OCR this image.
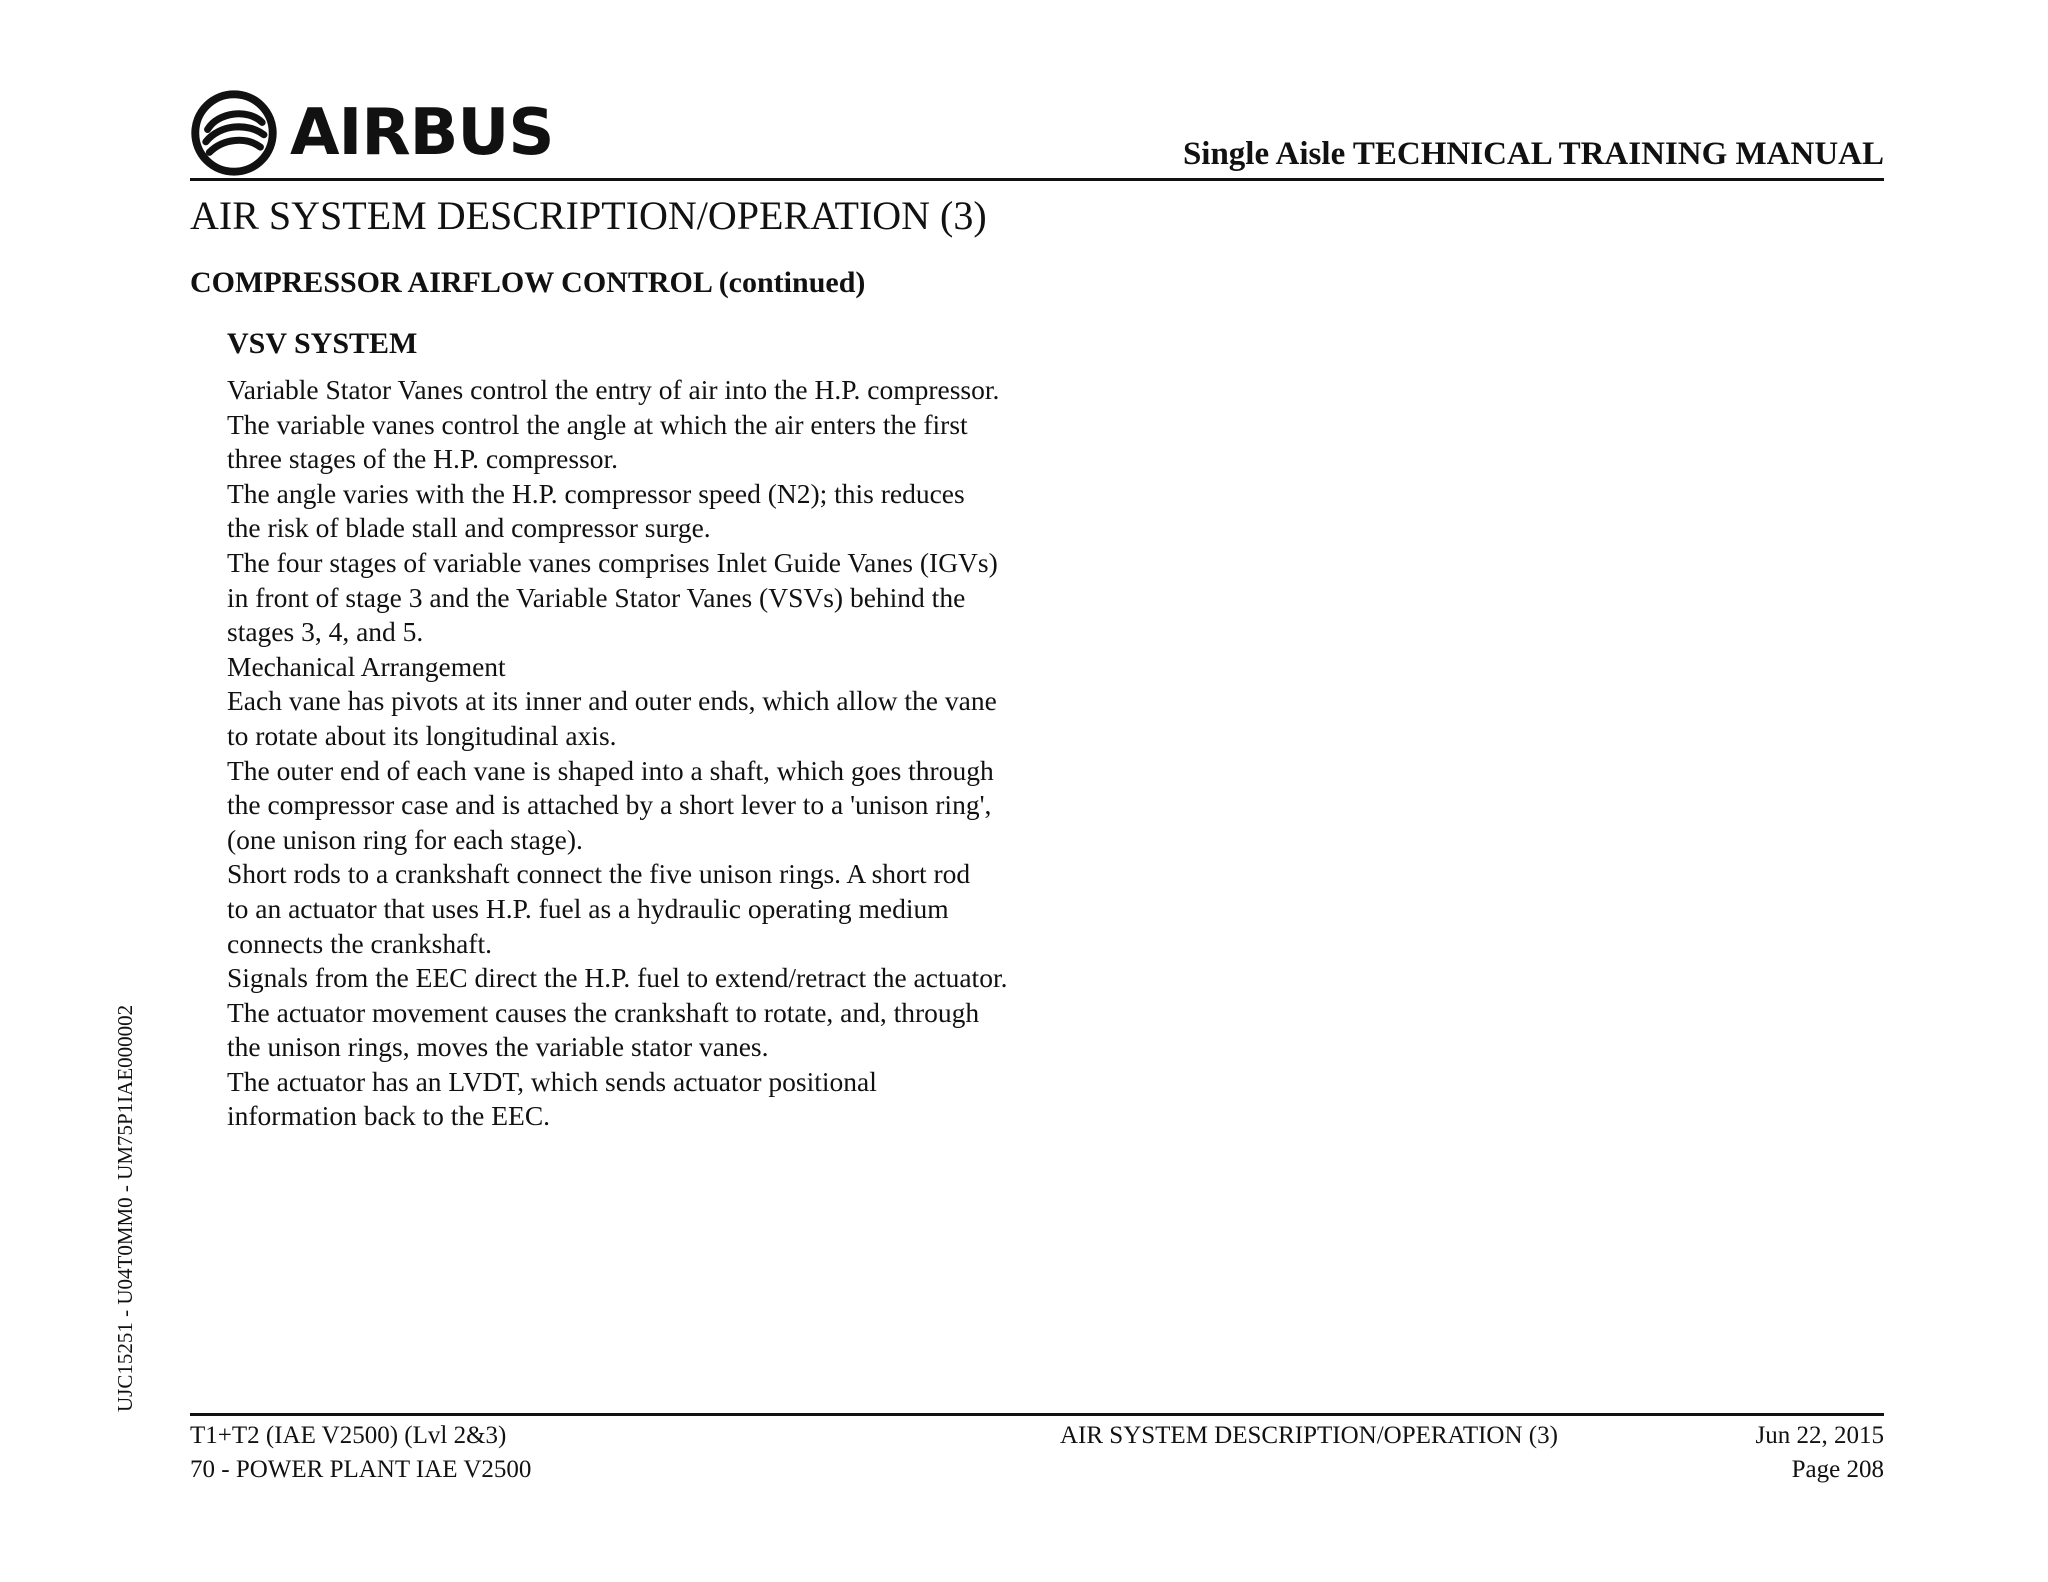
AIRBUS	Single Aisle TECHNICAL TRAINING MANUAL
AIR SYSTEM DESCRIPTION/OPERATION (3)
COMPRESSOR AIRFLOW CONTROL (continued)
VSV SYSTEM
Variable Stator Vanes control the entry of air into the H.P. compressor.
The variable vanes control the angle at which the air enters the first
three stages of the H.P. compressor.
The angle varies with the H.P. compressor speed (N2); this reduces
the risk of blade stall and compressor surge.
The four stages of variable vanes comprises Inlet Guide Vanes (IGVs)
in front of stage 3 and the Variable Stator Vanes (VSVs) behind the
stages 3, 4, and 5.
Mechanical Arrangement
Each vane has pivots at its inner and outer ends, which allow the vane
to rotate about its longitudinal axis.
The outer end of each vane is shaped into a shaft, which goes through
the compressor case and is attached by a short lever to a 'unison ring',
(one unison ring for each stage).
Short rods to a crankshaft connect the five unison rings. A short rod
to an actuator that uses H.P. fuel as a hydraulic operating medium
connects the crankshaft.
Signals from the EEC direct the H.P. fuel to extend/retract the actuator.
The actuator movement causes the crankshaft to rotate, and, through
the unison rings, moves the variable stator vanes.
The actuator has an LVDT, which sends actuator positional
information back to the EEC.
UJC15251 - U04T0MM0 - UM75P1IAE000002
T1+T2 (IAE V2500) (Lvl 2&3)
70 - POWER PLANT IAE V2500
AIR SYSTEM DESCRIPTION/OPERATION (3)	Jun 22, 2015
Page 208
